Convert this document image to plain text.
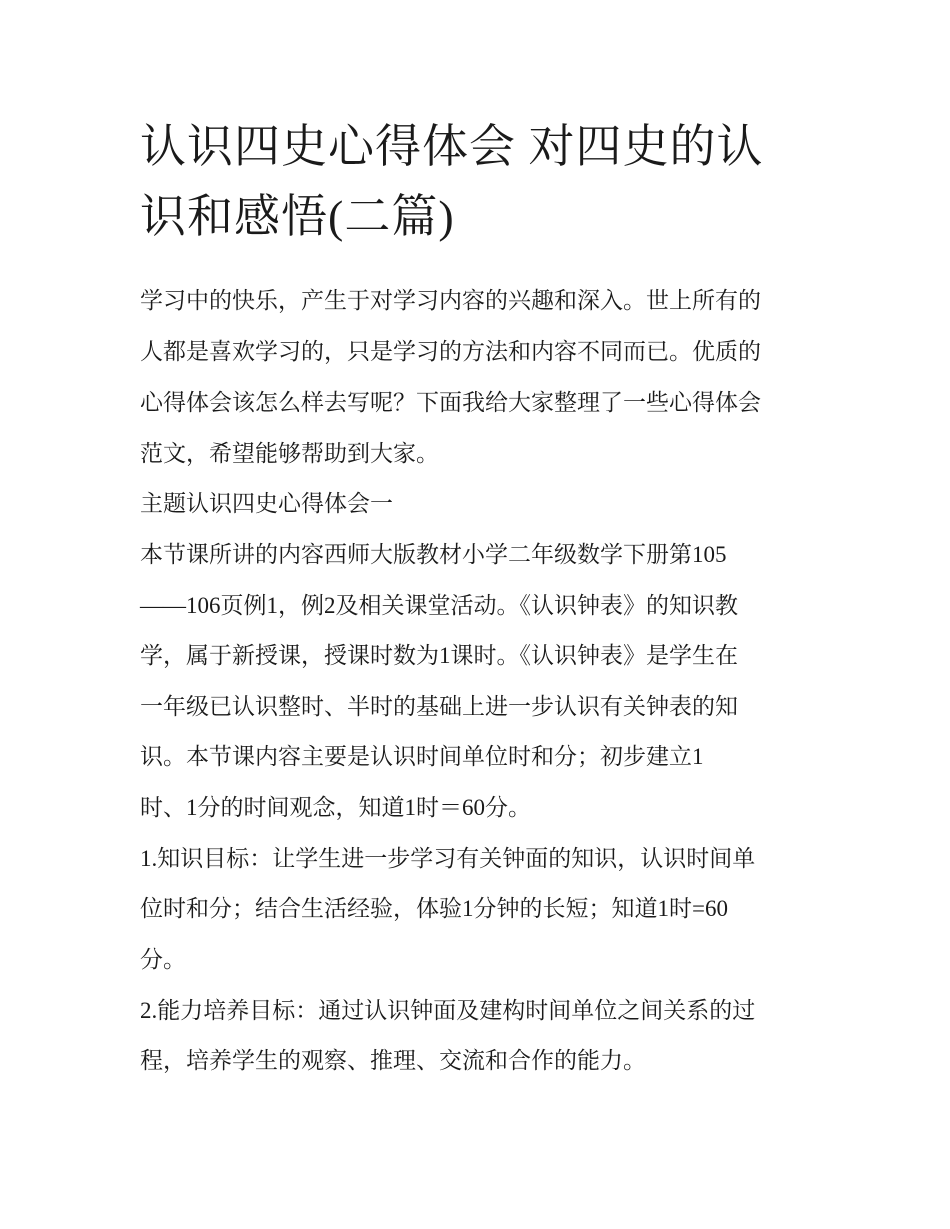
认识四史心得体会 对四史的认
识和感悟(二篇)

学习中的快乐，产生于对学习内容的兴趣和深入。世上所有的

人都是喜欢学习的，只是学习的方法和内容不同而已。优质的

心得体会该怎么样去写呢？下面我给大家整理了一些心得体会

范文，希望能够帮助到大家。

主题认识四史心得体会一

本节课所讲的内容西师大版教材小学二年级数学下册第105

——106页例1，例2及相关课堂活动。《认识钟表》的知识教

学，属于新授课，授课时数为1课时。《认识钟表》是学生在

一年级已认识整时、半时的基础上进一步认识有关钟表的知

识。本节课内容主要是认识时间单位时和分；初步建立1

时、1分的时间观念，知道1时＝60分。

1.知识目标：让学生进一步学习有关钟面的知识，认识时间单

位时和分；结合生活经验，体验1分钟的长短；知道1时=60

分。

2.能力培养目标：通过认识钟面及建构时间单位之间关系的过

程，培养学生的观察、推理、交流和合作的能力。
